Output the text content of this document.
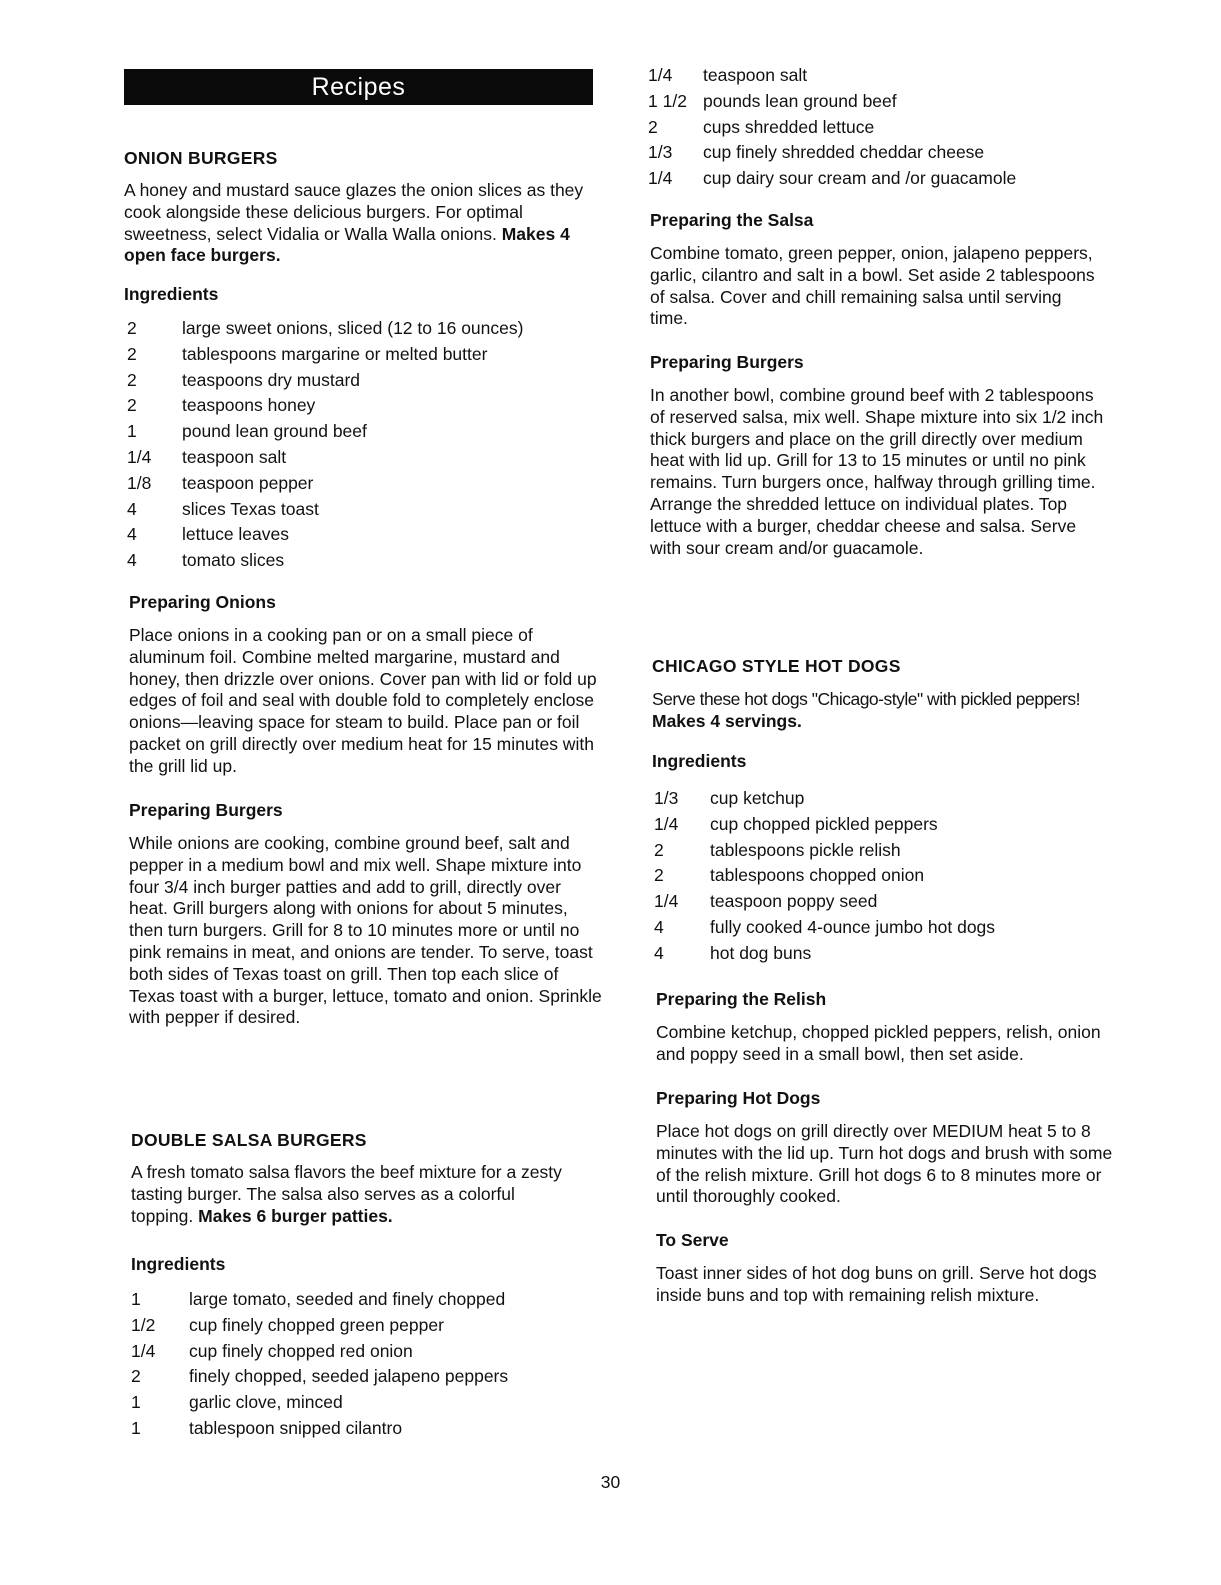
Recipes
ONION BURGERS
A honey and mustard sauce glazes the onion slices as they cook alongside these delicious burgers. For optimal sweetness, select Vidalia or Walla Walla onions. Makes 4 open face burgers.
Ingredients
2	large sweet onions, sliced (12 to 16 ounces)
2	tablespoons margarine or melted butter
2	teaspoons dry mustard
2	teaspoons honey
1	pound lean ground beef
1/4 teaspoon salt
1/8 teaspoon pepper
4	slices Texas toast
4	lettuce leaves
4	tomato slices
Preparing Onions
Place onions in a cooking pan or on a small piece of aluminum foil. Combine melted margarine, mustard and honey, then drizzle over onions. Cover pan with lid or fold up edges of foil and seal with double fold to completely enclose onions—leaving space for steam to build. Place pan or foil packet on grill directly over medium heat for 15 minutes with the grill lid up.
Preparing Burgers
While onions are cooking, combine ground beef, salt and pepper in a medium bowl and mix well. Shape mixture into four 3/4 inch burger patties and add to grill, directly over heat. Grill burgers along with onions for about 5 minutes, then turn burgers. Grill for 8 to 10 minutes more or until no pink remains in meat, and onions are tender. To serve, toast both sides of Texas toast on grill. Then top each slice of Texas toast with a burger, lettuce, tomato and onion. Sprinkle with pepper if desired.
DOUBLE SALSA BURGERS
A fresh tomato salsa flavors the beef mixture for a zesty tasting burger. The salsa also serves as a colorful topping. Makes 6 burger patties.
Ingredients
1	large tomato, seeded and finely chopped
1/2 cup finely chopped green pepper
1/4 cup finely chopped red onion
2	finely chopped, seeded jalapeno peppers
1	garlic clove, minced
1	tablespoon snipped cilantro
1/4 teaspoon salt
1 1/2 pounds lean ground beef
2	cups shredded lettuce
1/3 cup finely shredded cheddar cheese
1/4 cup dairy sour cream and /or guacamole
Preparing the Salsa
Combine tomato, green pepper, onion, jalapeno peppers, garlic, cilantro and salt in a bowl. Set aside 2 tablespoons of salsa. Cover and chill remaining salsa until serving time.
Preparing Burgers
In another bowl, combine ground beef with 2 tablespoons of reserved salsa, mix well. Shape mixture into six 1/2 inch thick burgers and place on the grill directly over medium heat with lid up. Grill for 13 to 15 minutes or until no pink remains. Turn burgers once, halfway through grilling time. Arrange the shredded lettuce on individual plates. Top lettuce with a burger, cheddar cheese and salsa. Serve with sour cream and/or guacamole.
CHICAGO STYLE HOT DOGS
Serve these hot dogs "Chicago-style" with pickled peppers!
Makes 4 servings.
Ingredients
1/3 cup ketchup
1/4 cup chopped pickled peppers
2	tablespoons pickle relish
2	tablespoons chopped onion
1/4 teaspoon poppy seed
4	fully cooked 4-ounce jumbo hot dogs
4	hot dog buns
Preparing the Relish
Combine ketchup, chopped pickled peppers, relish, onion and poppy seed in a small bowl, then set aside.
Preparing Hot Dogs
Place hot dogs on grill directly over MEDIUM heat 5 to 8 minutes with the lid up. Turn hot dogs and brush with some of the relish mixture. Grill hot dogs 6 to 8 minutes more or until thoroughly cooked.
To Serve
Toast inner sides of hot dog buns on grill. Serve hot dogs inside buns and top with remaining relish mixture.
30
